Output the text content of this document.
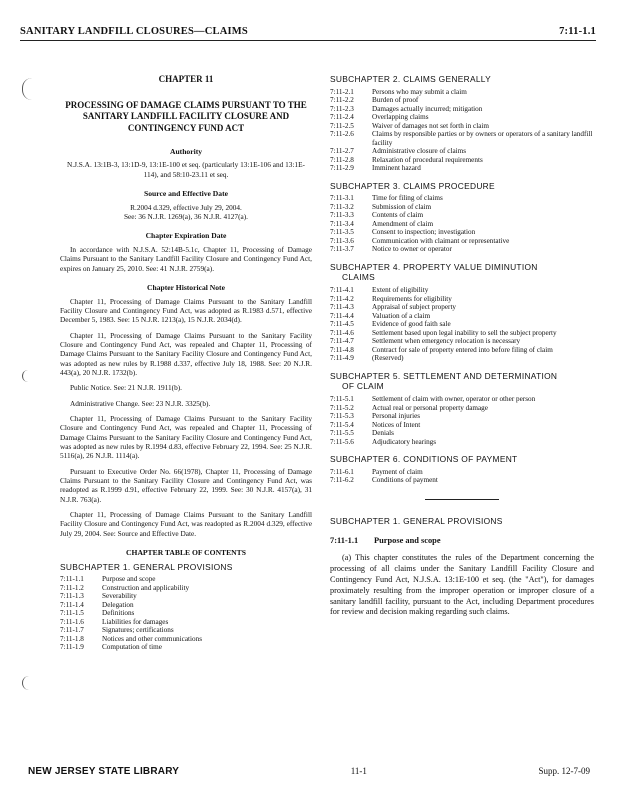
SANITARY LANDFILL CLOSURES—CLAIMS	7:11-1.1
CHAPTER 11
PROCESSING OF DAMAGE CLAIMS PURSUANT TO THE SANITARY LANDFILL FACILITY CLOSURE AND CONTINGENCY FUND ACT
Authority
N.J.S.A. 13:1B-3, 13:1D-9, 13:1E-100 et seq. (particularly 13:1E-106 and 13:1E-114), and 58:10-23.11 et seq.
Source and Effective Date
R.2004 d.329, effective July 29, 2004.
See: 36 N.J.R. 1269(a), 36 N.J.R. 4127(a).
Chapter Expiration Date

In accordance with N.J.S.A. 52:14B-5.1c, Chapter 11, Processing of Damage Claims Pursuant to the Sanitary Landfill Facility Closure and Contingency Fund Act, expires on January 25, 2010. See: 41 N.J.R. 2759(a).

Chapter Historical Note

Chapter 11, Processing of Damage Claims Pursuant to the Sanitary Landfill Facility Closure and Contingency Fund Act, was adopted as R.1983 d.571, effective December 5, 1983. See: 15 N.J.R. 1213(a), 15 N.J.R. 2034(d).

Chapter 11, Processing of Damage Claims Pursuant to the Sanitary Facility Closure and Contingency Fund Act, was repealed and Chapter 11, Processing of Damage Claims Pursuant to the Sanitary Facility Closure and Contingency Fund Act, was adopted as new rules by R.1988 d.337, effective July 18, 1988. See: 20 N.J.R. 443(a), 20 N.J.R. 1732(b).

Public Notice. See: 21 N.J.R. 1911(b).

Administrative Change. See: 23 N.J.R. 3325(b).

Chapter 11, Processing of Damage Claims Pursuant to the Sanitary Facility Closure and Contingency Fund Act, was repealed and Chapter 11, Processing of Damage Claims Pursuant to the Sanitary Facility Closure and Contingency Fund Act, was adopted as new rules by R.1994 d.83, effective February 22, 1994. See: 25 N.J.R. 5116(a), 26 N.J.R. 1114(a).

Pursuant to Executive Order No. 66(1978), Chapter 11, Processing of Damage Claims Pursuant to the Sanitary Facility Closure and Contingency Fund Act, was readopted as R.1999 d.91, effective February 22, 1999. See: 30 N.J.R. 4157(a), 31 N.J.R. 763(a).

Chapter 11, Processing of Damage Claims Pursuant to the Sanitary Landfill Facility Closure and Contingency Fund Act, was readopted as R.2004 d.329, effective July 29, 2004. See: Source and Effective Date.

CHAPTER TABLE OF CONTENTS
SUBCHAPTER 1. GENERAL PROVISIONS
7:11-1.1	Purpose and scope
7:11-1.2	Construction and applicability
7:11-1.3	Severability
7:11-1.4	Delegation
7:11-1.5	Definitions
7:11-1.6	Liabilities for damages
7:11-1.7	Signatures; certifications
7:11-1.8	Notices and other communications
7:11-1.9	Computation of time
SUBCHAPTER 2. CLAIMS GENERALLY
7:11-2.1	Persons who may submit a claim
7:11-2.2	Burden of proof
7:11-2.3	Damages actually incurred; mitigation
7:11-2.4	Overlapping claims
7:11-2.5	Waiver of damages not set forth in claim
7:11-2.6	Claims by responsible parties or by owners or operators of a sanitary landfill facility
7:11-2.7	Administrative closure of claims
7:11-2.8	Relaxation of procedural requirements
7:11-2.9	Imminent hazard
SUBCHAPTER 3. CLAIMS PROCEDURE
7:11-3.1	Time for filing of claims
7:11-3.2	Submission of claim
7:11-3.3	Contents of claim
7:11-3.4	Amendment of claim
7:11-3.5	Consent to inspection; investigation
7:11-3.6	Communication with claimant or representative
7:11-3.7	Notice to owner or operator
SUBCHAPTER 4. PROPERTY VALUE DIMINUTION
CLAIMS
7:11-4.1	Extent of eligibility
7:11-4.2	Requirements for eligibility
7:11-4.3	Appraisal of subject property
7:11-4.4	Valuation of a claim
7:11-4.5	Evidence of good faith sale
7:11-4.6	Settlement based upon legal inability to sell the subject property
7:11-4.7	Settlement when emergency relocation is necessary
7:11-4.8	Contract for sale of property entered into before filing of claim
7:11-4.9	(Reserved)
SUBCHAPTER 5. SETTLEMENT AND DETERMINATION
OF CLAIM
7:11-5.1	Settlement of claim with owner, operator or other person
7:11-5.2	Actual real or personal property damage
7:11-5.3	Personal injuries
7:11-5.4	Notices of Intent
7:11-5.5	Denials
7:11-5.6	Adjudicatory hearings
SUBCHAPTER 6. CONDITIONS OF PAYMENT
7:11-6.1	Payment of claim
7:11-6.2	Conditions of payment
SUBCHAPTER 1. GENERAL PROVISIONS
7:11-1.1 Purpose and scope

(a) This chapter constitutes the rules of the Department concerning the processing of all claims under the Sanitary Landfill Facility Closure and Contingency Fund Act, N.J.S.A. 13:1E-100 et seq. (the "Act"), for damages proximately resulting from the improper operation or improper closure of a sanitary landfill facility, pursuant to the Act, including Department procedures for review and decision making regarding such claims.

NEW JERSEY STATE LIBRARY	11-1	Supp. 12-7-09
